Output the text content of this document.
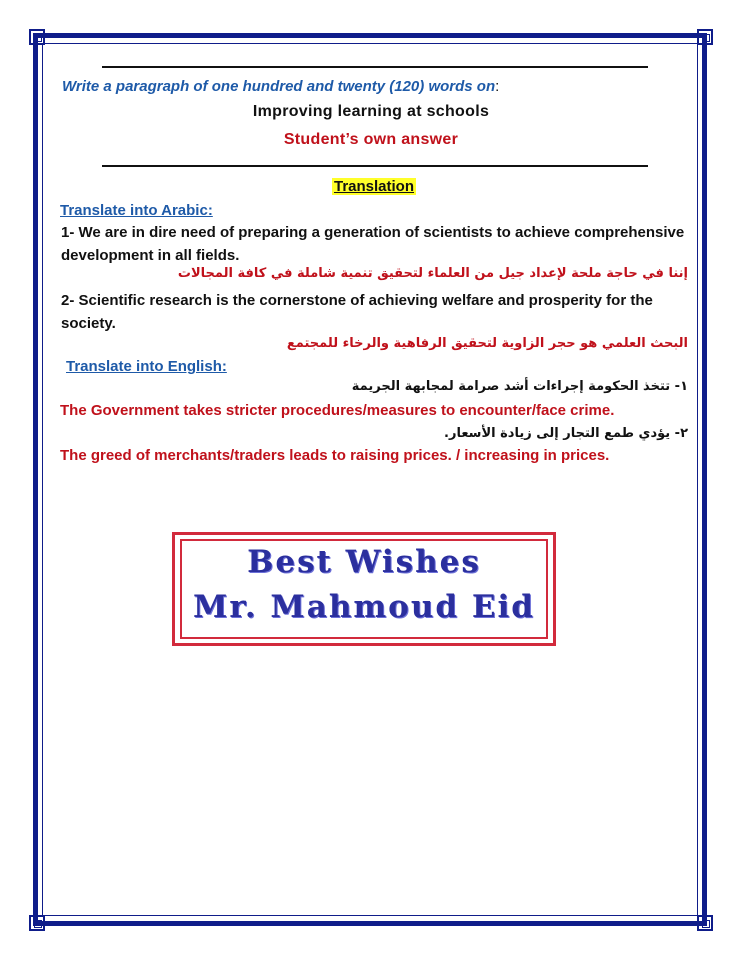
Write a paragraph of one hundred and twenty (120) words on:
Improving learning at schools
Student’s own answer
Translation
Translate into Arabic:
1- We are in dire need of preparing a generation of scientists to achieve comprehensive development in all fields.
إننا في حاجة ملحة لإعداد جيل من العلماء لتحقيق تنمية شاملة في كافة المجالات
2- Scientific research is the cornerstone of achieving welfare and prosperity for the society.
البحث العلمي هو حجر الزاوية لتحقيق الرفاهية والرخاء للمجتمع
Translate into English:
١- تتخذ الحكومة إجراءات أشد صرامة لمجابهة الجريمة
The Government takes stricter procedures/measures to encounter/face crime.
٢- يؤدي طمع التجار إلى زيادة الأسعار.
The greed of merchants/traders leads to raising prices. / increasing in prices.
Best Wishes
Mr. Mahmoud Eid
